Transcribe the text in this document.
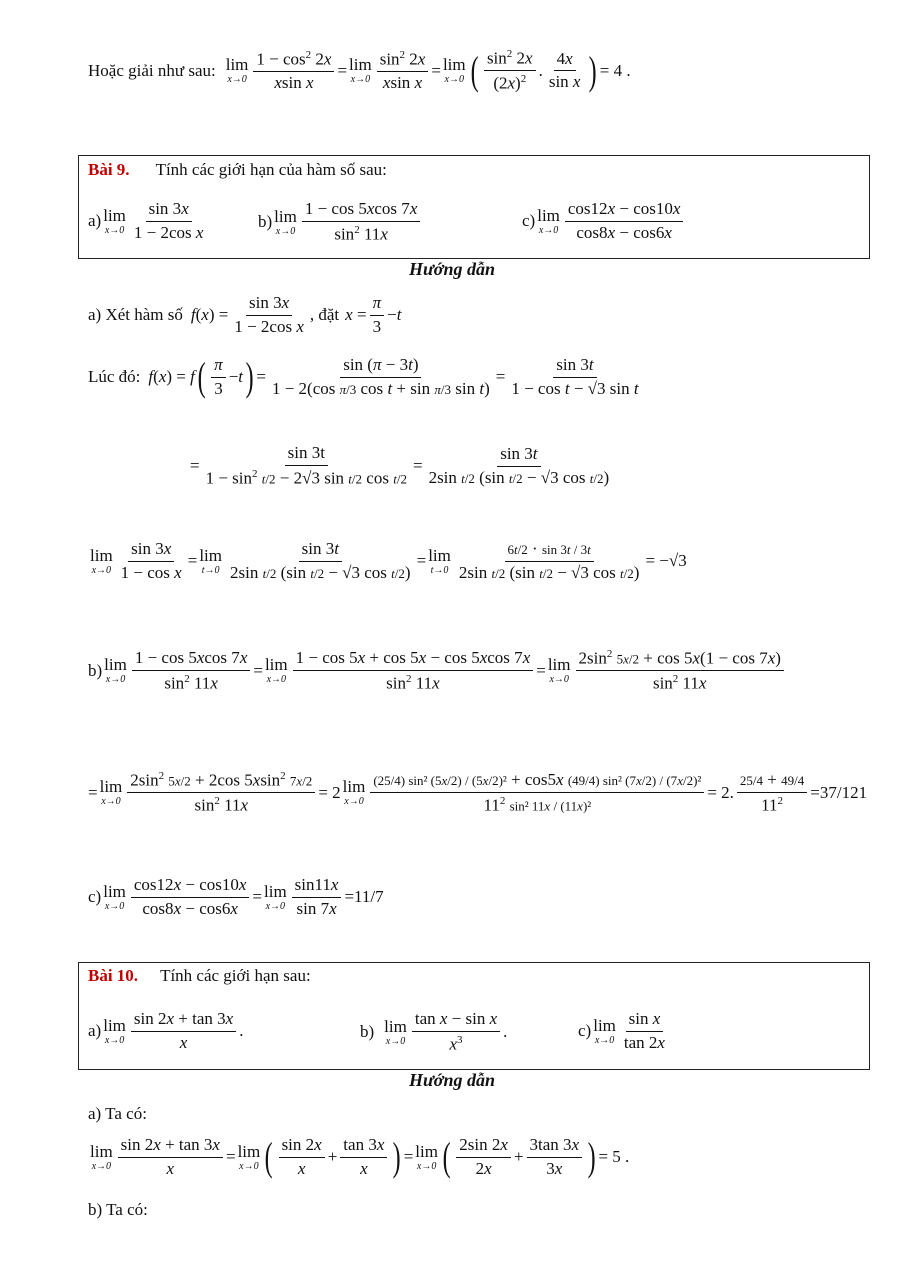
Hoặc giải như sau: lim
$x\to 0 \frac{1 - \cos^2 2x}{\text{xsin x}} = \lim$
$x\to 0 \frac{\sin^2 2x}{\text{xsin x}} = \lim$
x→0 ( $\sin^2 2x$
$(2x)^2$ .
4x
sin x ) = 4 .
Bài 9. Tính các giới hạn của hàm số sau:
a) lim
x→0
sin 3x
1 − 2cos x
b) lim
x→0
1 − cos 5xcos 7x
$\sin^2 11x$
c) lim
x→0
cos12x − cos10x
cos8x − cos6x
Hướng dẫn
a) Xét hàm số f ( x ) =
sin 3x
1 − 2cos x
, đặt x =
π
3
− t
Lúc đó: f ( x ) = f ( π
3
− t ) =
sin (π − 3t)
1 − 2(cos π/3 cos t + sin π/3 sin t)
=
sin 3t
1 − cos t − √3 sin t
=
sin 3t
$1 - \sin^2 t/2 - 2√3$ sin t/2 cos t/2
=
sin 3t
2sin t/2 (sin t/2 − √3 cos t/2)
lim
x→0
sin 3x
1 − cos x
= lim
t→0
sin 3t
2sin t/2 (sin t/2 − √3 cos t/2)
= lim
$t\to 0 \frac{6t/2 \cdot \sin 3t / 3t}{\text{2sin t/2 (sin t/2 − √3 cos t/2)}} = -√3$
b) lim
x→0
1 − cos 5xcos 7x
$\sin^2 11x$
= lim
x→0
1 − cos 5x + cos 5x − cos 5xcos 7x
$\sin^2 11x$
= lim
x→0
$2\sin^2$ 5x/2 + cos 5x(1 − cos 7x)
$\sin^2 11x$
= lim
x→0
$2\sin^2$ 5x/2 + 2cos 5xsin$^2$ 7x/2
$\sin^2 11x$
= 2 lim
x→0
(25/4) sin² (5x/2) / (5x/2)² + cos5x (49/4) sin² (7x/2) / (7x/2)²
$11^2$ sin² 11x / (11x)²
= 2.
25/4 + 49/4
$11^2 = 37/121$
c) lim
x→0
cos12x − cos10x
cos8x − cos6x
= lim
x→0
sin11x
sin 7x
= 11/7
Bài 10. Tính các giới hạn sau:
a) lim
x→0
sin 2x + tan 3x
x
.	b) lim
x→0
tan x − sin x
$x^3$ .	c) lim
x→0
sin x
tan 2x
Hướng dẫn
a) Ta có:
lim
x→0
sin 2x + tan 3x
x
= lim
x→0 ( sin 2x
x
+
tan 3x
x ) = lim
x→0 ( 2sin 2x
2x
+
3tan 3x
3x ) = 5 .
b) Ta có:
